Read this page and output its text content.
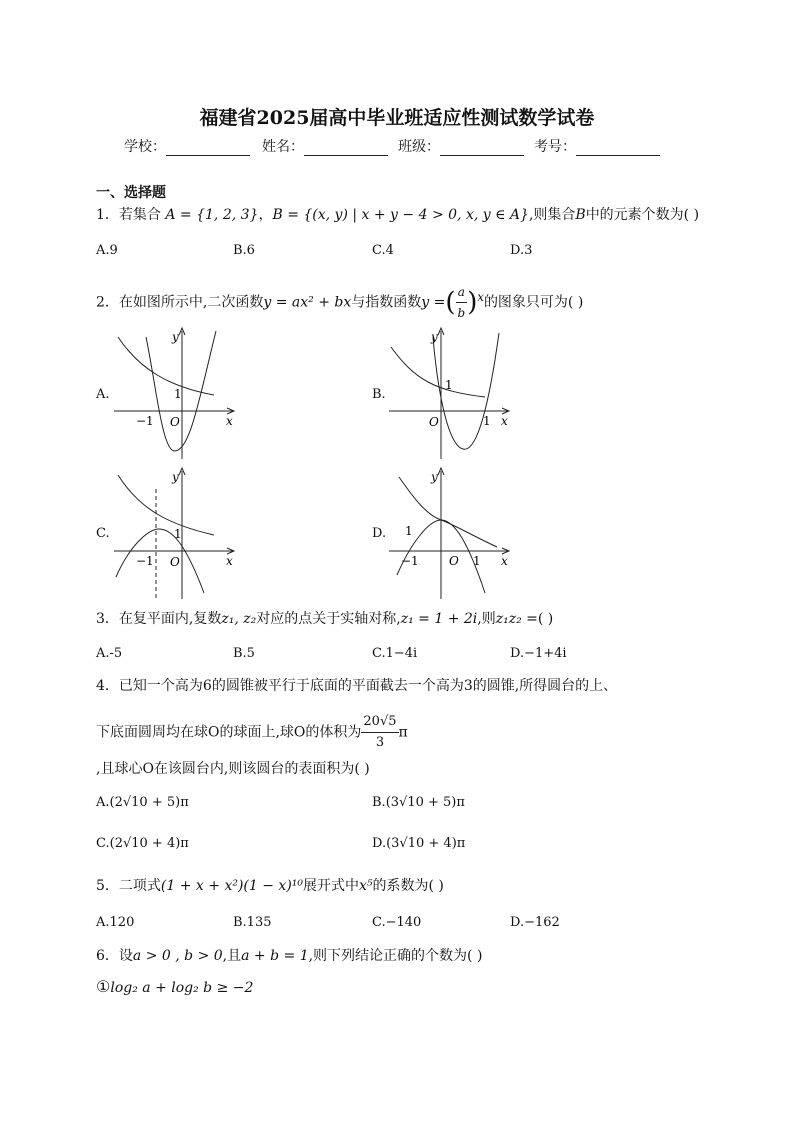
福建省2025届高中毕业班适应性测试数学试卷
学校：	姓名：	班级：	考号：
一、选择题
1．若集合 A = {1, 2, 3}，B = {(x, y) | x + y − 4 > 0, x, y ∈ A},则集合B中的元素个数为( )
A.9	B.6	C.4	D.3
2．在如图所示中,二次函数y = ax² + bx与指数函数y =( $\frac{a}{b} )^x$的图象只可为( )
A.	B.
C.	D.
y
x
O
1
−1
y
x
O
1
1
y
x
O
1
−1
y
x
O
1
−1	1
3．在复平面内,复数z₁, z₂对应的点关于实轴对称,z₁ = 1 + 2i,则z₁z₂ =( )
A.-5	B.5	C.1−4i	D.−1+4i
4．已知一个高为6的圆锥被平行于底面的平面截去一个高为3的圆锥,所得圆台的上、
下底面圆周均在球O的球面上,球O的体积为 $\frac{20√5}{3}$ π
,且球心O在该圆台内,则该圆台的表面积为( )
A.(2√10 + 5)π	B.(3√10 + 5)π
C.(2√10 + 4)π	D.(3√10 + 4)π
5．二项式(1 + x + x²)(1 − x)¹⁰展开式中x⁵的系数为( )
A.120	B.135	C.−140	D.−162
6．设a > 0 , b > 0,且a + b = 1,则下列结论正确的个数为( )
①log₂ a + log₂ b ≥ −2
